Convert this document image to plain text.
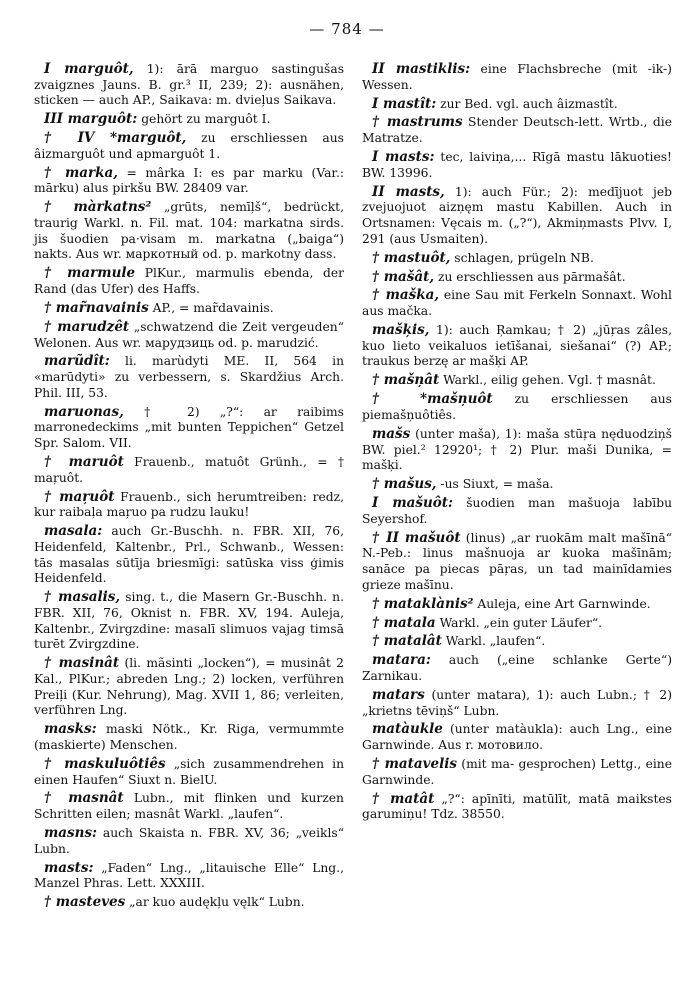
— 784 —

I marguôt, 1): ārā marguo sastingušas zvaigznes Jauns. B. gr.³ II, 239; 2): ausnähen, sticken — auch AP., Saikava: m. dvieļus Saikava.

III marguôt: gehört zu marguôt I.

† IV *marguôt, zu erschliessen aus âizmarguôt und apmarguôt 1.

† marka, = mârka I: es par marku (Var.: mārku) alus pirkšu BW. 28409 var.

† màrkatns² „grūts, nemīļš“, bedrückt, traurig Warkl. n. Fil. mat. 104: markatna sirds. jis šuodien pa·visam m. markatna („baiga“) nakts. Aus wr. маркотный od. p. markotny dass.

† marmule PlKur., marmulis ebenda, der Rand (das Ufer) des Haffs.

† mar̃navainis AP., = mar̃davainis.

† marudzêt „schwatzend die Zeit vergeuden“ Welonen. Aus wr. марудзиць od. p. marudzić.

marũdît: li. marùdyti ME. II, 564 in «marūdyti» zu verbessern, s. Skardžius Arch. Phil. III, 53.

maruonas, † 2) „?“: ar raibims marronedeckims „mit bunten Teppichen“ Getzel Spr. Salom. VII.

† maruôt Frauenb., matuôt Grünh., = † maŗuôt.

† maŗuôt Frauenb., sich herumtreiben: redz, kur raibaļa maŗuo pa rudzu lauku!

masala: auch Gr.-Buschh. n. FBR. XII, 76, Heidenfeld, Kaltenbr., Prl., Schwanb., Wessen: tās masalas sūtīja briesmīgi: satūska viss ģimis Heidenfeld.

† masalis, sing. t., die Masern Gr.-Buschh. n. FBR. XII, 76, Oknist n. FBR. XV, 194. Auleja, Kaltenbr., Zvirgzdine: masalī slimuos vajag timsā turēt Zvirgzdine.

† masinât (li. mãsinti „locken“), = musinât 2 Kal., PlKur.; abreden Lng.; 2) locken, verführen Preiļi (Kur. Nehrung), Mag. XVII 1, 86; verleiten, verführen Lng.

masks: maski Nötk., Kr. Riga, vermummte (maskierte) Menschen.

† maskuluôtiês „sich zusammendrehen in einen Haufen“ Siuxt n. BielU.

† masnât Lubn., mit flinken und kurzen Schritten eilen; masnât Warkl. „laufen“.

masns: auch Skaista n. FBR. XV, 36; „veikls“ Lubn.

masts: „Faden“ Lng., „litauische Elle“ Lng., Manzel Phras. Lett. XXXIII.

† masteves „ar kuo audękļu vęlk“ Lubn.

II mastiklis: eine Flachsbreche (mit -ik-) Wessen.

I mastît: zur Bed. vgl. auch âizmastît.

† mastrums Stender Deutsch-lett. Wrtb., die Matratze.

I masts: tec, laiviņa,... Rīgā mastu lākuoties! BW. 13996.

II masts, 1): auch Für.; 2): medījuot jeb zvejuojuot aizņęm mastu Kabillen. Auch in Ortsnamen: Vęcais m. („?“), Akmiņmasts Plvv. I, 291 (aus Usmaiten).

† mastuôt, schlagen, prügeln NB.

† mašât, zu erschliessen aus pārmašât.

† maška, eine Sau mit Ferkeln Sonnaxt. Wohl aus mačka.

mašķis, 1): auch Ŗamkau; † 2) „jūŗas zâles, kuo lieto veikaluos ietīšanai, siešanai“ (?) AP.; traukus berzę ar mašķi AP.

† mašņât Warkl., eilig gehen. Vgl. † masnât.

† *mašņuôt zu erschliessen aus piemašņuôtiês.

mašs (unter maša), 1): maša stūŗa nęduodziņš BW. piel.² 12920¹; † 2) Plur. maši Dunika, = mašķi.

† mašus, -us Siuxt, = maša.

I mašuôt: šuodien man mašuoja labību Seyershof.

† II mašuôt (linus) „ar ruokām malt mašīnā“ N.-Peb.: linus mašnuoja ar kuoka mašīnām; sanāce pa piecas pāŗas, un tad mainīdamies grieze mašīnu.

† mataklànis² Auleja, eine Art Garnwinde.

† matala Warkl. „ein guter Läufer“.

† matalât Warkl. „laufen“.

matara: auch („eine schlanke Gerte“) Zarnikau.

matars (unter matara), 1): auch Lubn.; † 2) „krietns tēviņš“ Lubn.

matàukle (unter matàukla): auch Lng., eine Garnwinde. Aus r. мотовило.

† matavelis (mit ma- gesprochen) Lettg., eine Garnwinde.

† matât „?“: apīnīti, matūlīt, matā maikstes garumiņu! Tdz. 38550.
